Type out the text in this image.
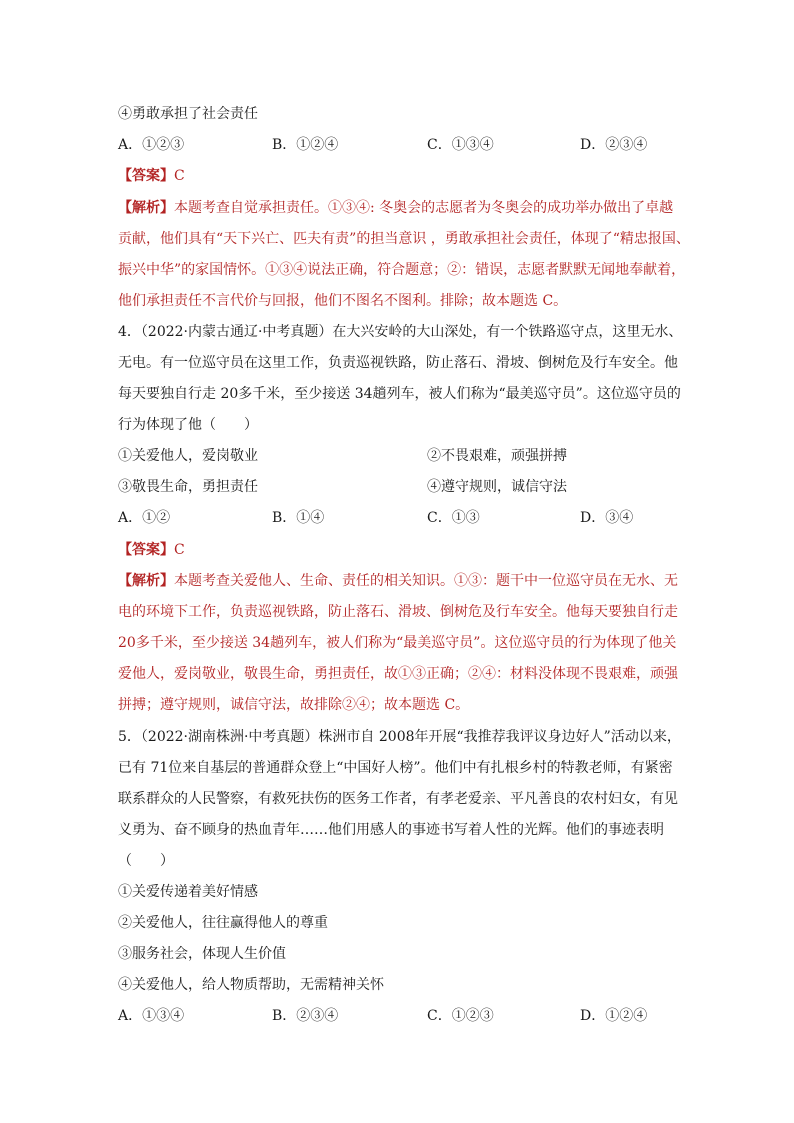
④勇敢承担了社会责任
A．①②③	B．①②④	C．①③④	D．②③④
【答案】C
【解析】本题考查自觉承担责任。①③④: 冬奥会的志愿者为冬奥会的成功举办做出了卓越
贡献，他们具有“天下兴亡、匹夫有责”的担当意识 ，勇敢承担社会责任，体现了“精忠报国、
振兴中华”的家国情怀。①③④说法正确，符合题意；②：错误，志愿者默默无闻地奉献着，
他们承担责任不言代价与回报，他们不图名不图利。排除；故本题选 C。
4．（2022·内蒙古通辽·中考真题）在大兴安岭的大山深处，有一个铁路巡守点，这里无水、
无电。有一位巡守员在这里工作，负责巡视铁路，防止落石、滑坡、倒树危及行车安全。他
每天要独自行走 20多千米，至少接送 34趟列车，被人们称为“最美巡守员”。这位巡守员的
行为体现了他（　　）
①关爱他人，爱岗敬业	②不畏艰难，顽强拼搏
③敬畏生命，勇担责任	④遵守规则，诚信守法
A．①②	B．①④	C．①③	D．③④
【答案】C
【解析】本题考查关爱他人、生命、责任的相关知识。①③：题干中一位巡守员在无水、无
电的环境下工作，负责巡视铁路，防止落石、滑坡、倒树危及行车安全。他每天要独自行走
20多千米，至少接送 34趟列车，被人们称为“最美巡守员”。这位巡守员的行为体现了他关
爱他人，爱岗敬业，敬畏生命，勇担责任，故①③正确；②④：材料没体现不畏艰难，顽强
拼搏；遵守规则，诚信守法，故排除②④；故本题选 C。
5．（2022·湖南株洲·中考真题）株洲市自 2008年开展“我推荐我评议身边好人”活动以来，
已有 71位来自基层的普通群众登上“中国好人榜”。他们中有扎根乡村的特教老师，有紧密
联系群众的人民警察，有救死扶伤的医务工作者，有孝老爱亲、平凡善良的农村妇女，有见
义勇为、奋不顾身的热血青年……他们用感人的事迹书写着人性的光辉。他们的事迹表明
（　　）
①关爱传递着美好情感
②关爱他人，往往赢得他人的尊重
③服务社会，体现人生价值
④关爱他人，给人物质帮助，无需精神关怀
A．①③④	B．②③④	C．①②③	D．①②④
